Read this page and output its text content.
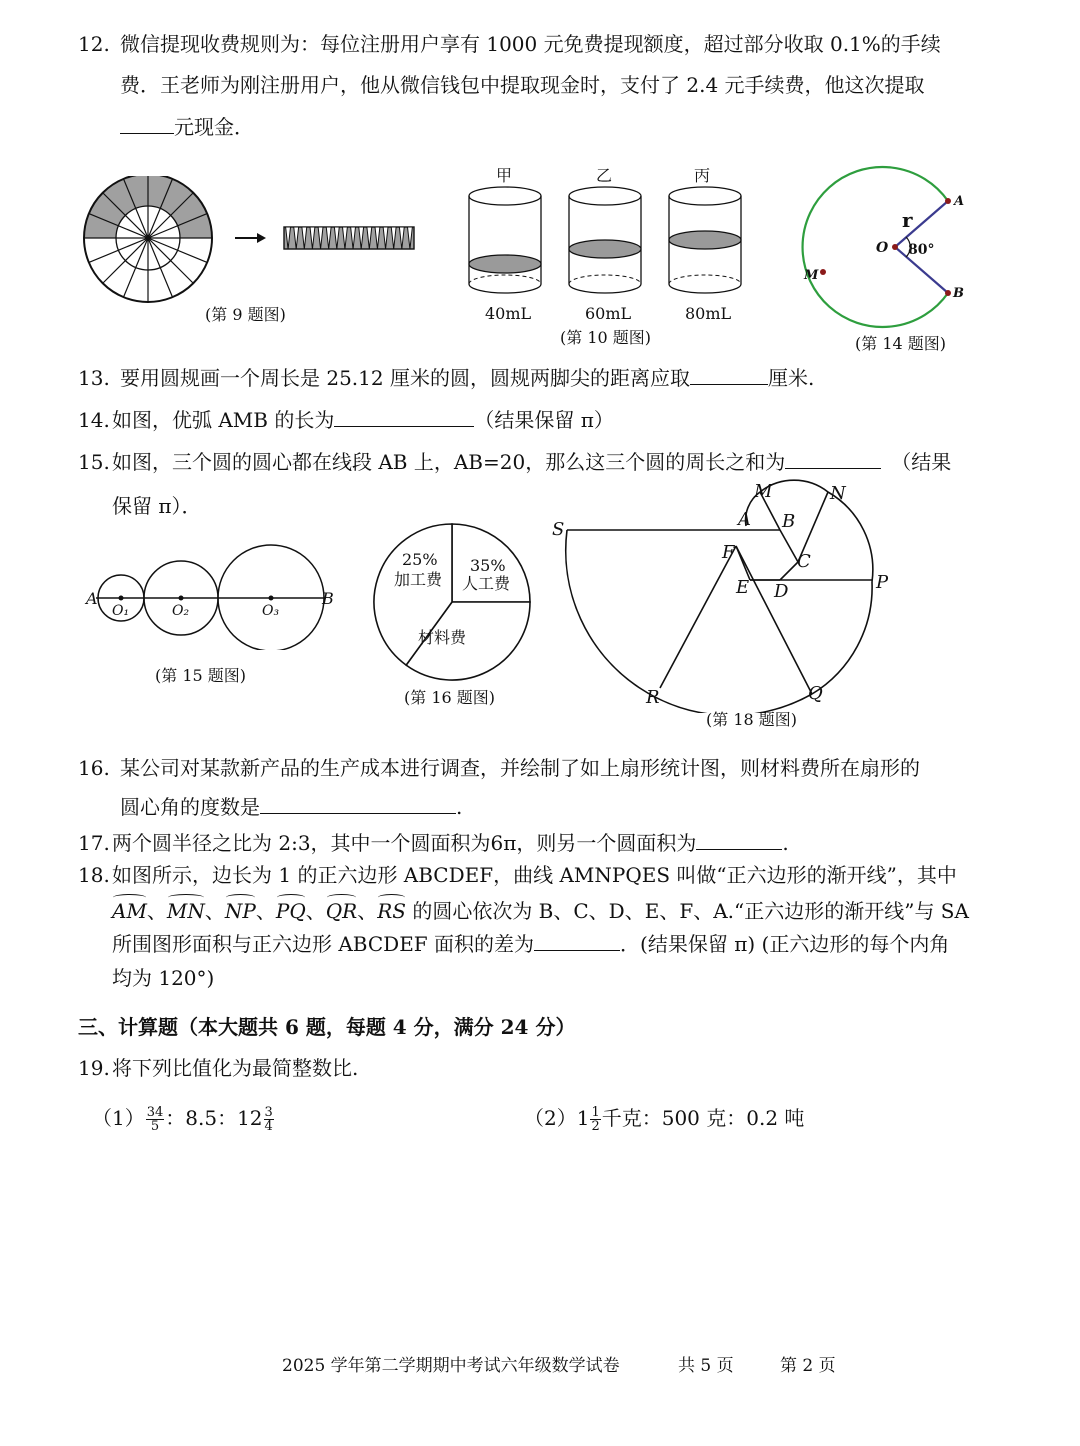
12. 微信提现收费规则为：每位注册用户享有 1000 元免费提现额度，超过部分收取 0.1%的手续
费．王老师为刚注册用户，他从微信钱包中提取现金时，支付了 2.4 元手续费，他这次提取
元现金．
(第 9 题图)
甲	乙	丙
40mL	60mL	80mL
(第 10 题图)
A
B
O
M
r
80°
(第 14 题图)
13. 要用圆规画一个周长是 25.12 厘米的圆，圆规两脚尖的距离应取	厘米.
14. 如图，优弧 AMB 的长为	（结果保留 π）
15. 如图，三个圆的圆心都在线段 AB 上，AB=20，那么这三个圆的周长之和为	（结果
保留 π）．
A	B
O₁	O₂	O₃
(第 15 题图)
25%
加工费
35%
人工费
材料费
(第 16 题图)
S
M	N
A B
F	C
E D	P
R	Q
(第 18 题图)
16. 某公司对某款新产品的生产成本进行调查，并绘制了如上扇形统计图，则材料费所在扇形的
圆心角的度数是	.
17. 两个圆半径之比为 2:3，其中一个圆面积为6π，则另一个圆面积为	.
18. 如图所示，边长为 1 的正六边形 ABCDEF，曲线 AMNPQES 叫做“正六边形的渐开线”，其中
AM、MN、NP、PQ、QR、RS 的圆心依次为 B、C、D、E、F、A.“正六边形的渐开线”与 SA
所围图形面积与正六边形 ABCDEF 面积的差为	．(结果保留 π) (正六边形的每个内角
均为 120°)
三、计算题（本大题共 6 题，每题 4 分，满分 24 分）
19. 将下列比值化为最简整数比.
$(1) \frac{34}{5}$ ：8.5：$12 \frac{3}{4}$	$(2)1 \frac{1}{2}$ 千克：500 克：0.2 吨
2025 学年第二学期期中考试六年级数学试卷	共 5 页	第 2 页
